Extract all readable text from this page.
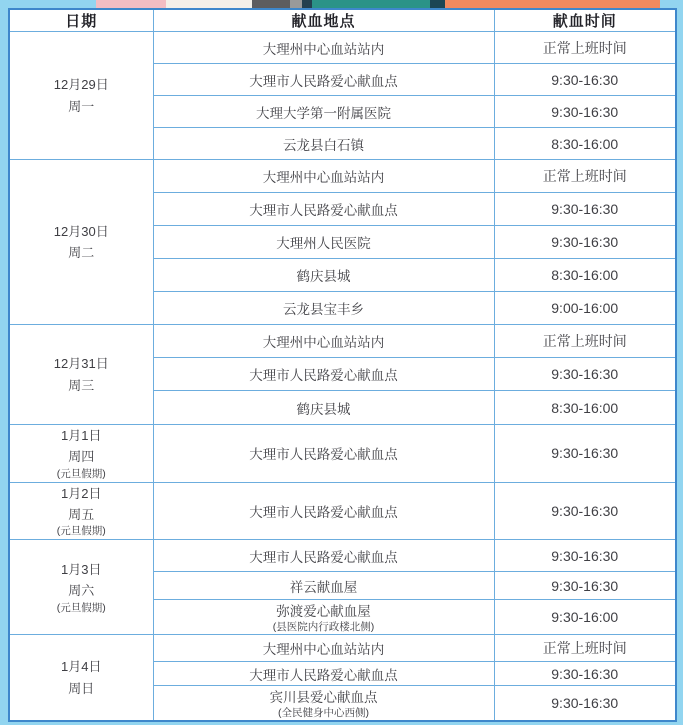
日期	献血地点	献血时间

12月29日
周一	大理州中心血站站内	正常上班时间
	大理市人民路爱心献血点	9:30-16:30
	大理大学第一附属医院	9:30-16:30
	云龙县白石镇	8:30-16:00

12月30日
周二	大理州中心血站站内	正常上班时间
	大理市人民路爱心献血点	9:30-16:30
	大理州人民医院	9:30-16:30
	鹤庆县城	8:30-16:00
	云龙县宝丰乡	9:00-16:00

12月31日
周三	大理州中心血站站内	正常上班时间
	大理市人民路爱心献血点	9:30-16:30
	鹤庆县城	8:30-16:00

1月1日
周四
(元旦假期)	大理市人民路爱心献血点	9:30-16:30

1月2日
周五
(元旦假期)	大理市人民路爱心献血点	9:30-16:30

1月3日
周六
(元旦假期)	大理市人民路爱心献血点	9:30-16:30
	祥云献血屋	9:30-16:30

	弥渡爱心献血屋
(县医院内行政楼北侧)	9:30-16:00

1月4日
周日	大理州中心血站站内	正常上班时间
	大理市人民路爱心献血点	9:30-16:30

	宾川县爱心献血点
(全民健身中心西侧)	9:30-16:30
